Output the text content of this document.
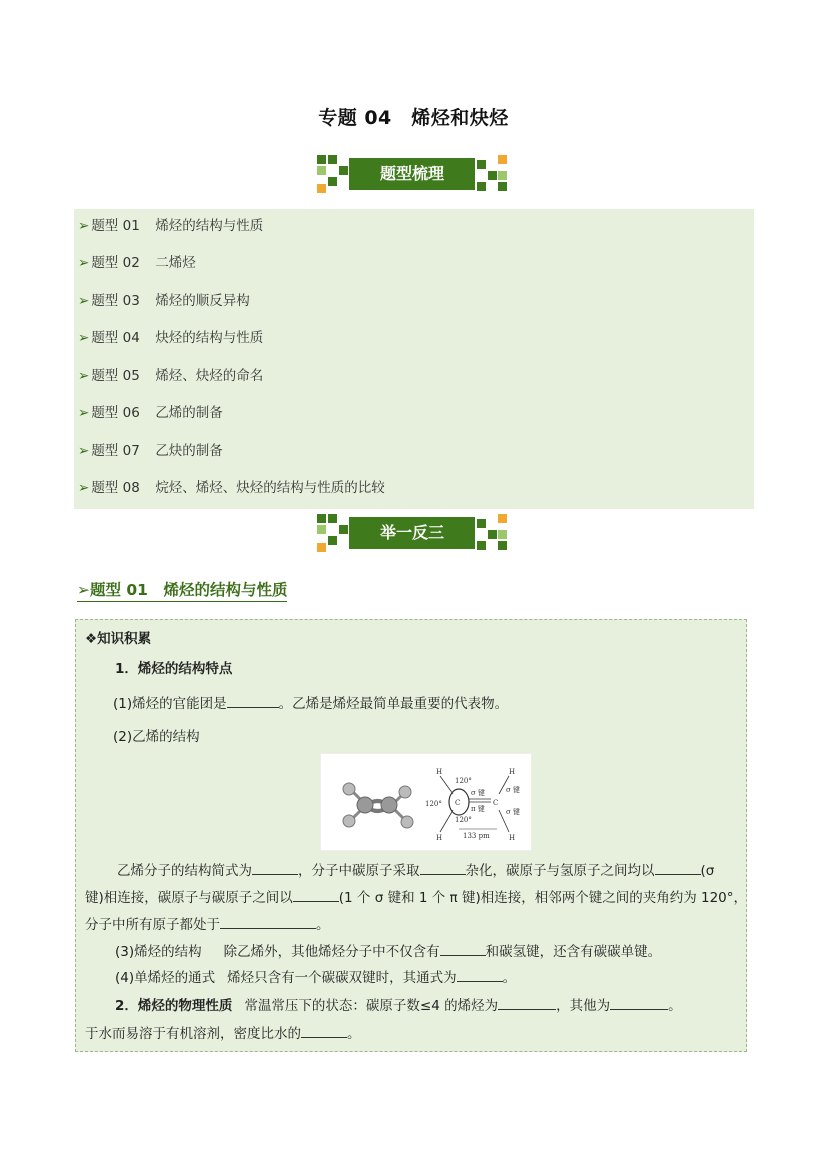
专题 04　烯烃和炔烃
题型梳理
➢ 题型 01 烯烃的结构与性质
➢ 题型 02 二烯烃
➢ 题型 03 烯烃的顺反异构
➢ 题型 04 炔烃的结构与性质
➢ 题型 05 烯烃、炔烃的命名
➢ 题型 06 乙烯的制备
➢ 题型 07 乙炔的制备
➢ 题型 08 烷烃、烯烃、炔烃的结构与性质的比较
举一反三
➢题型 01　烯烃的结构与性质
❖知识积累
1．烯烃的结构特点
(1)烯烃的官能团是	。乙烯是烯烃最简单最重要的代表物。
(2)乙烯的结构
H
H
H
H
120°
120°
120°
C	C
σ 键
π 键
σ 键
σ 键
133 pm
乙烯分子的结构简式为	，分子中碳原子采取	杂化，碳原子与氢原子之间均以	(σ
键)相连接，碳原子与碳原子之间以	(1 个 σ 键和 1 个 π 键)相连接，相邻两个键之间的夹角约为 120°，
分子中所有原子都处于	。
(3)烯烃的结构 除乙烯外，其他烯烃分子中不仅含有	和碳氢键，还含有碳碳单键。
(4)单烯烃的通式 烯烃只含有一个碳碳双键时，其通式为	。
2．烯烃的物理性质 常温常压下的状态：碳原子数≤4 的烯烃为	，其他为	。
于水而易溶于有机溶剂，密度比水的	。
